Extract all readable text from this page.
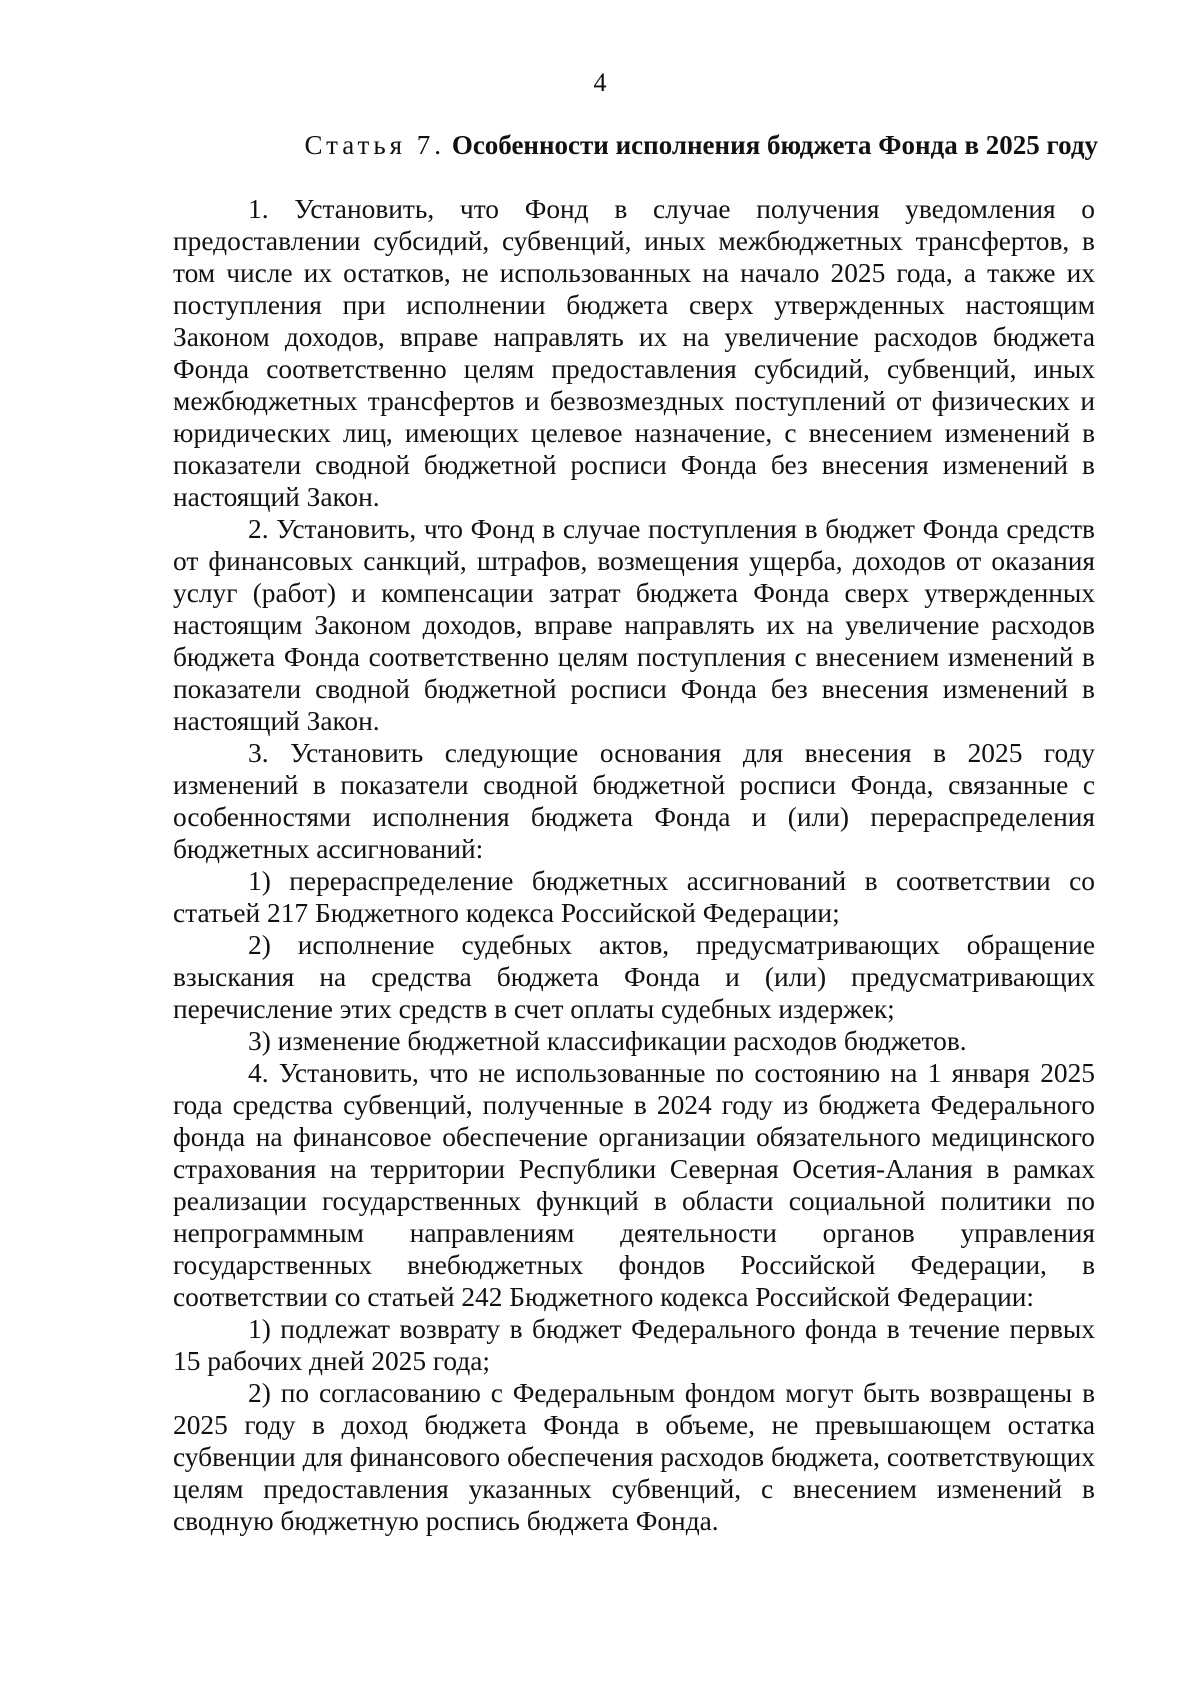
4
Статья 7. Особенности исполнения бюджета Фонда в 2025 году

1. Установить, что Фонд в случае получения уведомления о предоставлении субсидий, субвенций, иных межбюджетных трансфертов, в том числе их остатков, не использованных на начало 2025 года, а также их поступления при исполнении бюджета сверх утвержденных настоящим Законом доходов, вправе направлять их на увеличение расходов бюджета Фонда соответственно целям предоставления субсидий, субвенций, иных межбюджетных трансфертов и безвозмездных поступлений от физических и юридических лиц, имеющих целевое назначение, с внесением изменений в показатели сводной бюджетной росписи Фонда без внесения изменений в настоящий Закон.

2. Установить, что Фонд в случае поступления в бюджет Фонда средств от финансовых санкций, штрафов, возмещения ущерба, доходов от оказания услуг (работ) и компенсации затрат бюджета Фонда сверх утвержденных настоящим Законом доходов, вправе направлять их на увеличение расходов бюджета Фонда соответственно целям поступления с внесением изменений в показатели сводной бюджетной росписи Фонда без внесения изменений в настоящий Закон.

3. Установить следующие основания для внесения в 2025 году изменений в показатели сводной бюджетной росписи Фонда, связанные с особенностями исполнения бюджета Фонда и (или) перераспределения бюджетных ассигнований:

1) перераспределение бюджетных ассигнований в соответствии со статьей 217 Бюджетного кодекса Российской Федерации;

2) исполнение судебных актов, предусматривающих обращение взыскания на средства бюджета Фонда и (или) предусматривающих перечисление этих средств в счет оплаты судебных издержек;

3) изменение бюджетной классификации расходов бюджетов.

4. Установить, что не использованные по состоянию на 1 января 2025 года средства субвенций, полученные в 2024 году из бюджета Федерального фонда на финансовое обеспечение организации обязательного медицинского страхования на территории Республики Северная Осетия-Алания в рамках реализации государственных функций в области социальной политики по непрограммным направлениям деятельности органов управления государственных внебюджетных фондов Российской Федерации, в соответствии со статьей 242 Бюджетного кодекса Российской Федерации:

1) подлежат возврату в бюджет Федерального фонда в течение первых 15 рабочих дней 2025 года;

2) по согласованию с Федеральным фондом могут быть возвращены в 2025 году в доход бюджета Фонда в объеме, не превышающем остатка субвенции для финансового обеспечения расходов бюджета, соответствующих целям предоставления указанных субвенций, с внесением изменений в сводную бюджетную роспись бюджета Фонда.
